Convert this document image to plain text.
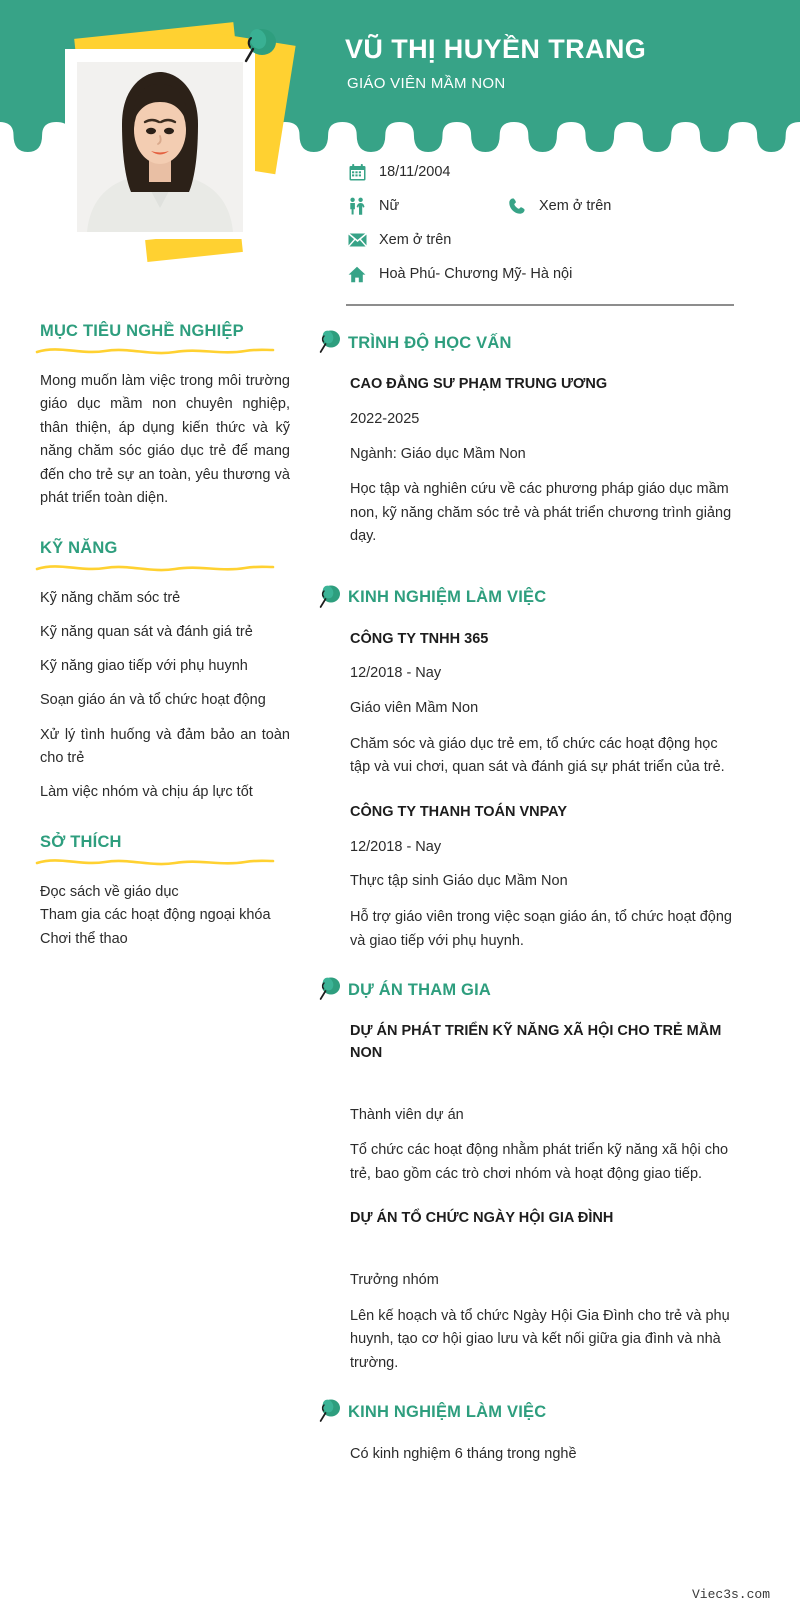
VŨ THỊ HUYỀN TRANG
GIÁO VIÊN MẦM NON
18/11/2004
Nữ	Xem ở trên
Xem ở trên
Hoà Phú- Chương Mỹ- Hà nội
MỤC TIÊU NGHỀ NGHIỆP

Mong muốn làm việc trong môi trường giáo dục mầm non chuyên nghiệp, thân thiện, áp dụng kiến thức và kỹ năng chăm sóc giáo dục trẻ để mang đến cho trẻ sự an toàn, yêu thương và phát triển toàn diện.

KỸ NĂNG
Kỹ năng chăm sóc trẻ
Kỹ năng quan sát và đánh giá trẻ
Kỹ năng giao tiếp với phụ huynh
Soạn giáo án và tổ chức hoạt động
Xử lý tình huống và đảm bảo an toàn cho trẻ
Làm việc nhóm và chịu áp lực tốt
SỞ THÍCH
Đọc sách về giáo dục
Tham gia các hoạt động ngoại khóa
Chơi thể thao
TRÌNH ĐỘ HỌC VẤN
CAO ĐẲNG SƯ PHẠM TRUNG ƯƠNG
2022-2025
Ngành: Giáo dục Mầm Non
Học tập và nghiên cứu về các phương pháp giáo dục mầm non, kỹ năng chăm sóc trẻ và phát triển chương trình giảng dạy.
KINH NGHIỆM LÀM VIỆC
CÔNG TY TNHH 365
12/2018 - Nay
Giáo viên Mầm Non
Chăm sóc và giáo dục trẻ em, tổ chức các hoạt động học tập và vui chơi, quan sát và đánh giá sự phát triển của trẻ.
CÔNG TY THANH TOÁN VNPAY
12/2018 - Nay
Thực tập sinh Giáo dục Mầm Non
Hỗ trợ giáo viên trong việc soạn giáo án, tổ chức hoạt động và giao tiếp với phụ huynh.
DỰ ÁN THAM GIA
DỰ ÁN PHÁT TRIỂN KỸ NĂNG XÃ HỘI CHO TRẺ MẦM NON
Thành viên dự án
Tổ chức các hoạt động nhằm phát triển kỹ năng xã hội cho trẻ, bao gồm các trò chơi nhóm và hoạt động giao tiếp.
DỰ ÁN TỔ CHỨC NGÀY HỘI GIA ĐÌNH
Trưởng nhóm
Lên kế hoạch và tổ chức Ngày Hội Gia Đình cho trẻ và phụ huynh, tạo cơ hội giao lưu và kết nối giữa gia đình và nhà trường.
KINH NGHIỆM LÀM VIỆC
Có kinh nghiệm 6 tháng trong nghề
Viec3s.com
